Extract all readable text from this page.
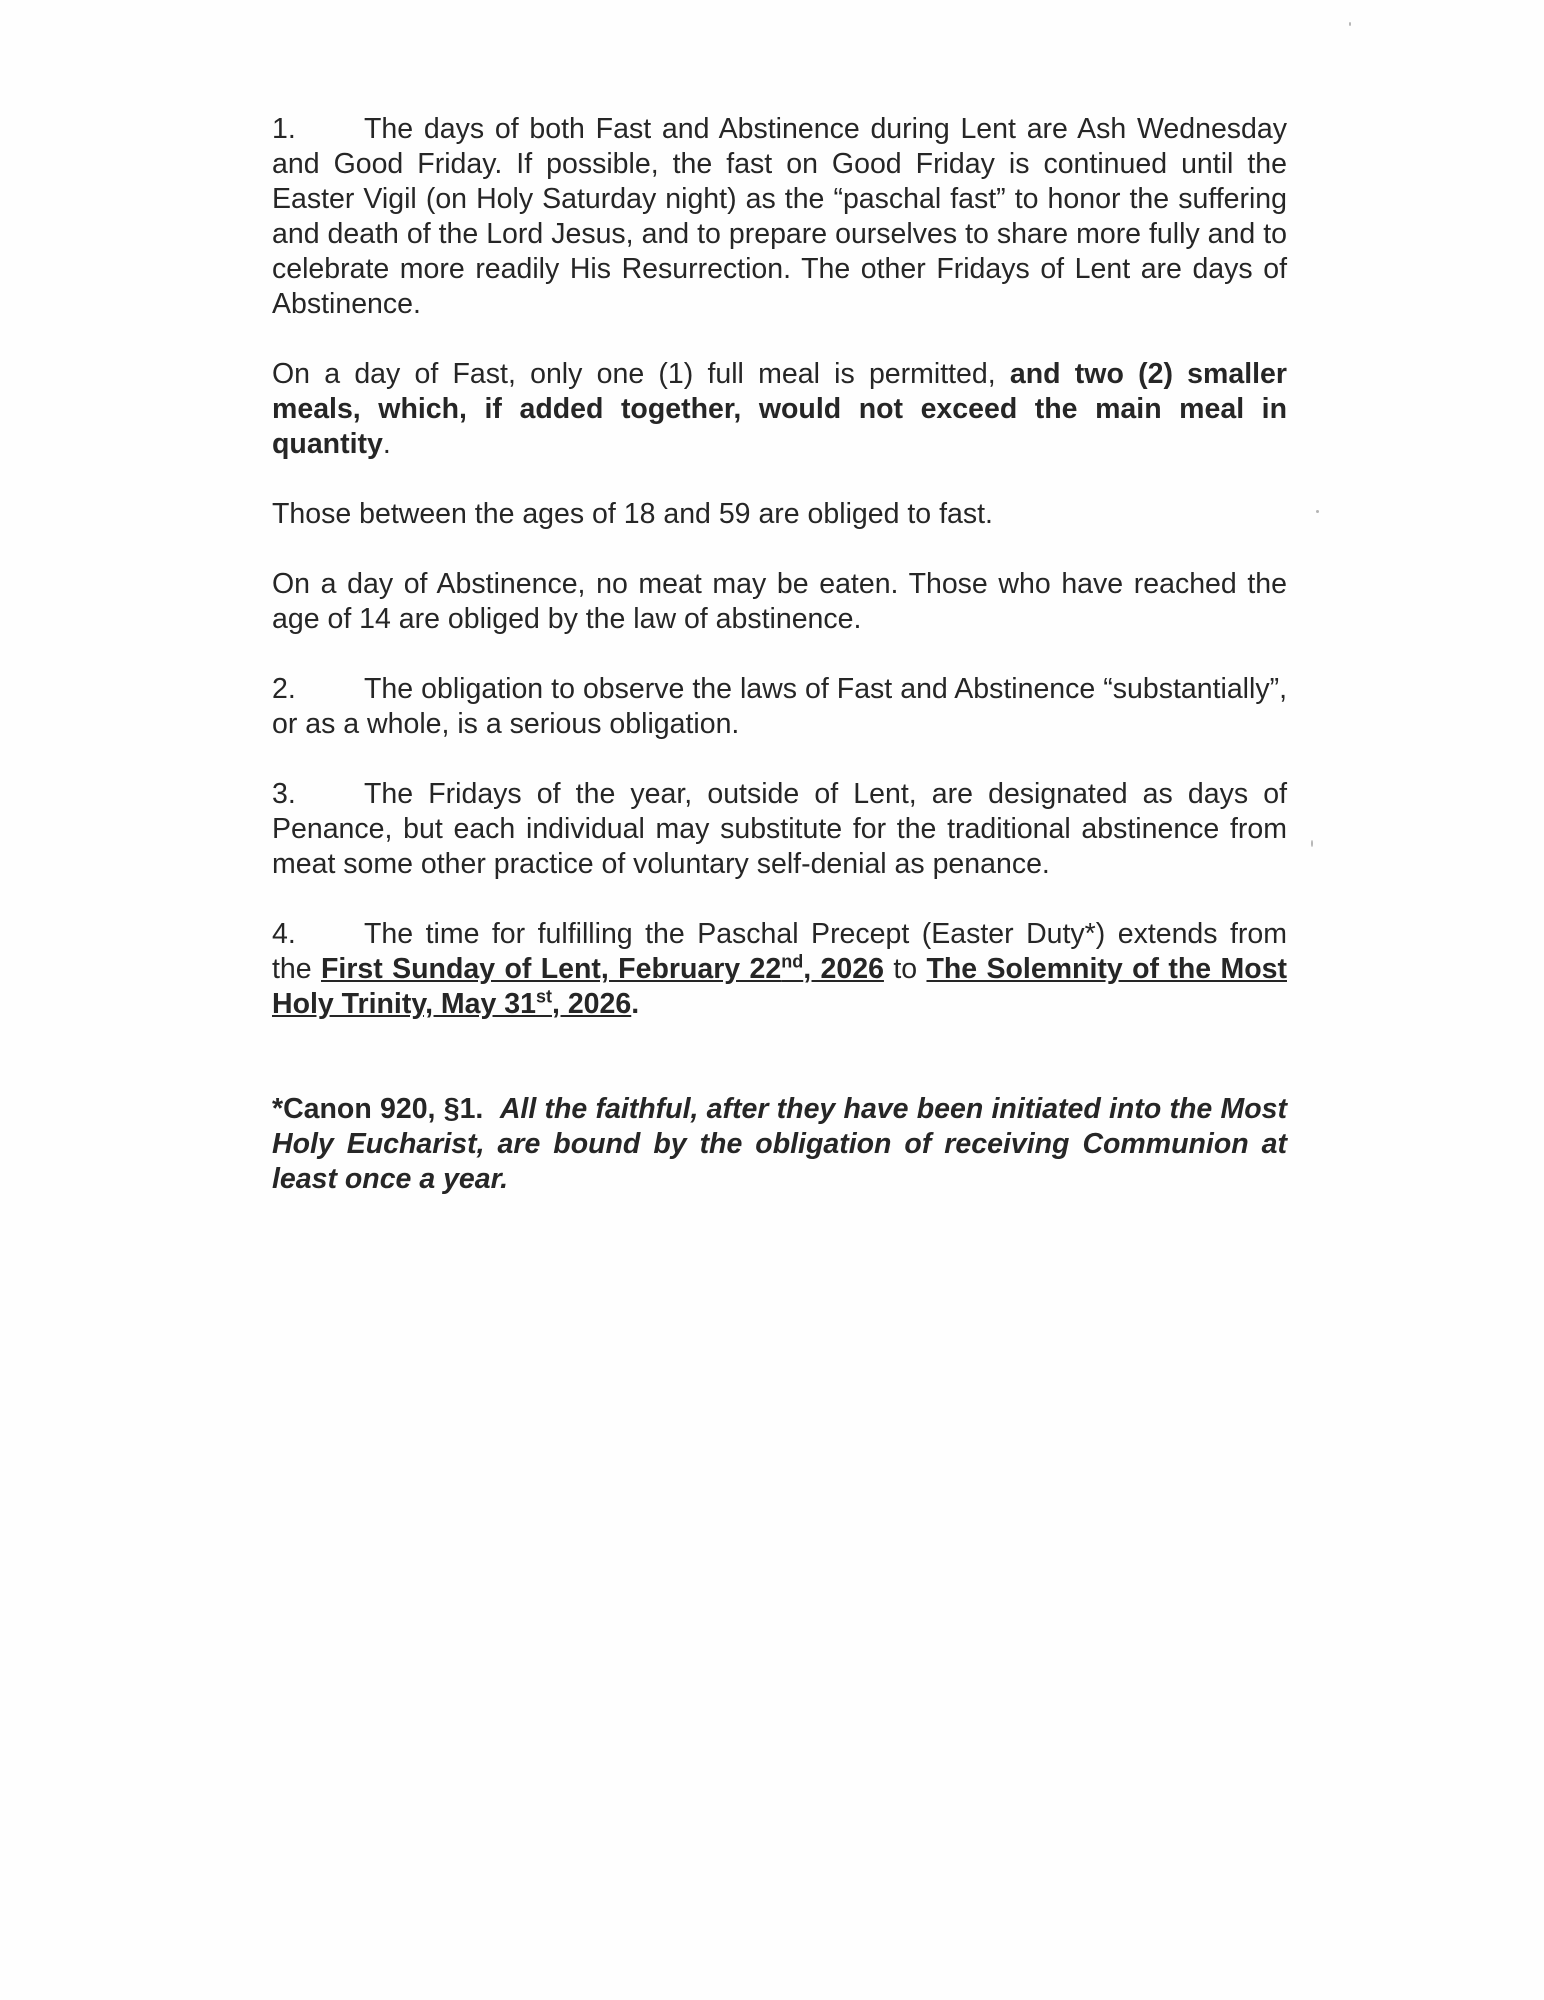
1. The days of both Fast and Abstinence during Lent are Ash Wednesday and Good Friday. If possible, the fast on Good Friday is continued until the Easter Vigil (on Holy Saturday night) as the “paschal fast” to honor the suffering and death of the Lord Jesus, and to prepare ourselves to share more fully and to celebrate more readily His Resurrection. The other Fridays of Lent are days of Abstinence.

On a day of Fast, only one (1) full meal is permitted, and two (2) smaller meals, which, if added together, would not exceed the main meal in quantity.

Those between the ages of 18 and 59 are obliged to fast.

On a day of Abstinence, no meat may be eaten. Those who have reached the age of 14 are obliged by the law of abstinence.

2. The obligation to observe the laws of Fast and Abstinence “substantially”, or as a whole, is a serious obligation.

3. The Fridays of the year, outside of Lent, are designated as days of Penance, but each individual may substitute for the traditional abstinence from meat some other practice of voluntary self-denial as penance.

4. The time for fulfilling the Paschal Precept (Easter Duty*) extends from the First Sunday of Lent, February 22nd, 2026 to The Solemnity of the Most Holy Trinity, May 31st, 2026.

*Canon 920, §1. All the faithful, after they have been initiated into the Most Holy Eucharist, are bound by the obligation of receiving Communion at least once a year.
